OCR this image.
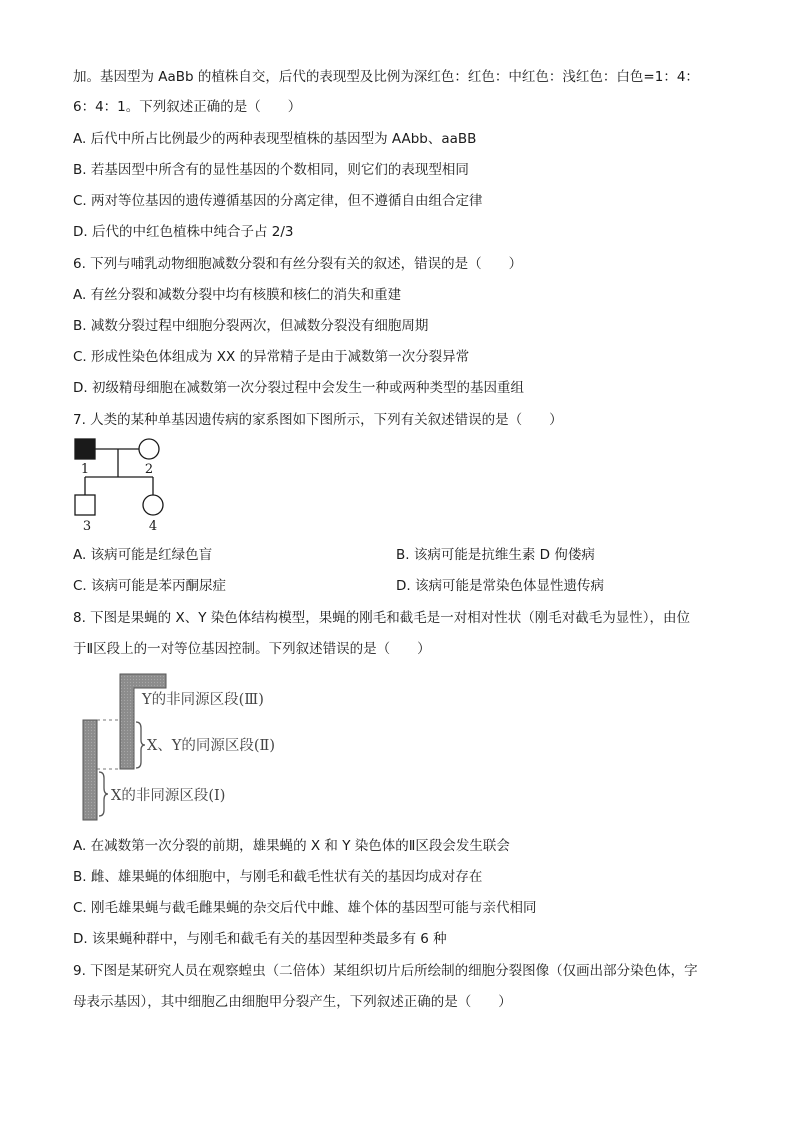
加。基因型为 AaBb 的植株自交，后代的表现型及比例为深红色：红色：中红色：浅红色：白色=1：4：
6：4：1。下列叙述正确的是（　　）
A. 后代中所占比例最少的两种表现型植株的基因型为 AAbb、aaBB
B. 若基因型中所含有的显性基因的个数相同，则它们的表现型相同
C. 两对等位基因的遗传遵循基因的分离定律，但不遵循自由组合定律
D. 后代的中红色植株中纯合子占 2/3
6. 下列与哺乳动物细胞减数分裂和有丝分裂有关的叙述，错误的是（　　）
A. 有丝分裂和减数分裂中均有核膜和核仁的消失和重建
B. 减数分裂过程中细胞分裂两次，但减数分裂没有细胞周期
C. 形成性染色体组成为 XX 的异常精子是由于减数第一次分裂异常
D. 初级精母细胞在减数第一次分裂过程中会发生一种或两种类型的基因重组
7. 人类的某种单基因遗传病的家系图如下图所示，下列有关叙述错误的是（　　）
1	2
3	4
A. 该病可能是红绿色盲	B. 该病可能是抗维生素 D 佝偻病
C. 该病可能是苯丙酮尿症	D. 该病可能是常染色体显性遗传病
8. 下图是果蝇的 X、Y 染色体结构模型，果蝇的刚毛和截毛是一对相对性状（刚毛对截毛为显性），由位
于Ⅱ区段上的一对等位基因控制。下列叙述错误的是（　　）
Y的非同源区段(Ⅲ)
X、Y的同源区段(Ⅱ)
X的非同源区段(Ⅰ)
A. 在减数第一次分裂的前期，雄果蝇的 X 和 Y 染色体的Ⅱ区段会发生联会
B. 雌、雄果蝇的体细胞中，与刚毛和截毛性状有关的基因均成对存在
C. 刚毛雄果蝇与截毛雌果蝇的杂交后代中雌、雄个体的基因型可能与亲代相同
D. 该果蝇种群中，与刚毛和截毛有关的基因型种类最多有 6 种
9. 下图是某研究人员在观察蝗虫（二倍体）某组织切片后所绘制的细胞分裂图像（仅画出部分染色体，字
母表示基因），其中细胞乙由细胞甲分裂产生，下列叙述正确的是（　　）
